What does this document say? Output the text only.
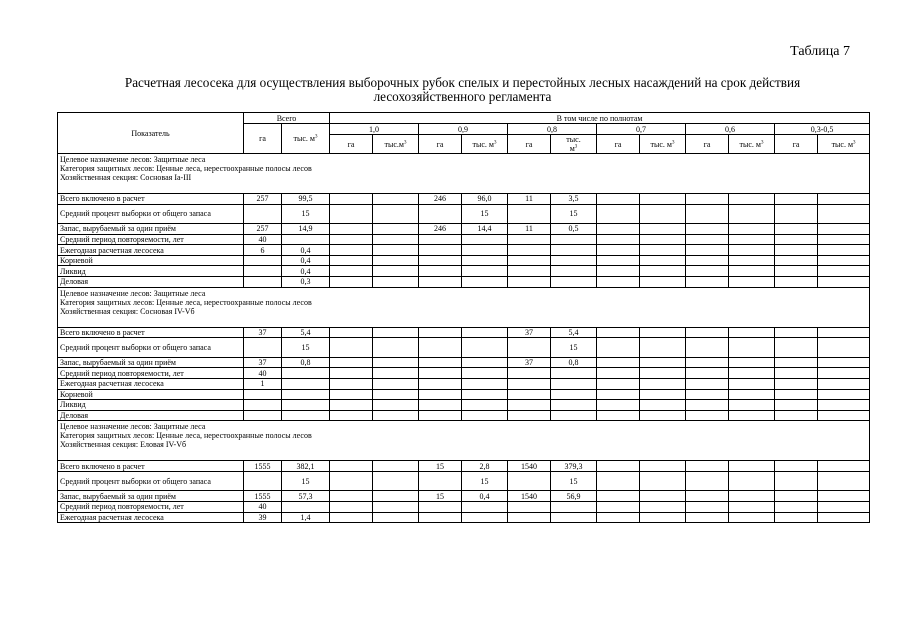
Таблица 7
Расчетная лесосека для осуществления выборочных рубок спелых и перестойных лесных насаждений на срок действия
лесохозяйственного регламента
Показатель	Всего		В том числе по полнотам											
	га	тыс. $м^3$	1,0		0,9		0,8		0,7		0,6		0,3-0,5	
			га	$тыс.м^3$	га	тыс. $м^3$	га	тыс.
$м^3$	га	тыс. $м^3$	га	тыс. $м^3$	га	тыс. $м^3$

Целевое назначение лесов: Защитные леса
Категория защитных лесов: Ценные леса, нерестоохранные полосы лесов
Хозяйственная секция: Сосновая Ia-III														

Всего включено в расчет	257	99,5			246	96,0	11	3,5						
Средний процент выборки от общего запаса		15				15		15						
Запас, вырубаемый за один приём	257	14,9			246	14,4	11	0,5						
Средний период повторяемости, лет	40													
Ежегодная расчетная лесосека	6	0,4												
Корневой		0,4												
Ликвид		0,4												
Деловая		0,3												

Целевое назначение лесов: Защитные леса
Категория защитных лесов: Ценные леса, нерестоохранные полосы лесов
Хозяйственная секция: Сосновая IV-Vб														

Всего включено в расчет	37	5,4					37	5,4						
Средний процент выборки от общего запаса		15						15						
Запас, вырубаемый за один приём	37	0,8					37	0,8						
Средний период повторяемости, лет	40													
Ежегодная расчетная лесосека	1													
Корневой														
Ликвид														
Деловая														

Целевое назначение лесов: Защитные леса
Категория защитных лесов: Ценные леса, нерестоохранные полосы лесов
Хозяйственная секция: Еловая IV-Vб														

Всего включено в расчет	1555	382,1			15	2,8	1540	379,3						
Средний процент выборки от общего запаса		15				15		15						
Запас, вырубаемый за один приём	1555	57,3			15	0,4	1540	56,9						
Средний период повторяемости, лет	40													
Ежегодная расчетная лесосека	39	1,4												
